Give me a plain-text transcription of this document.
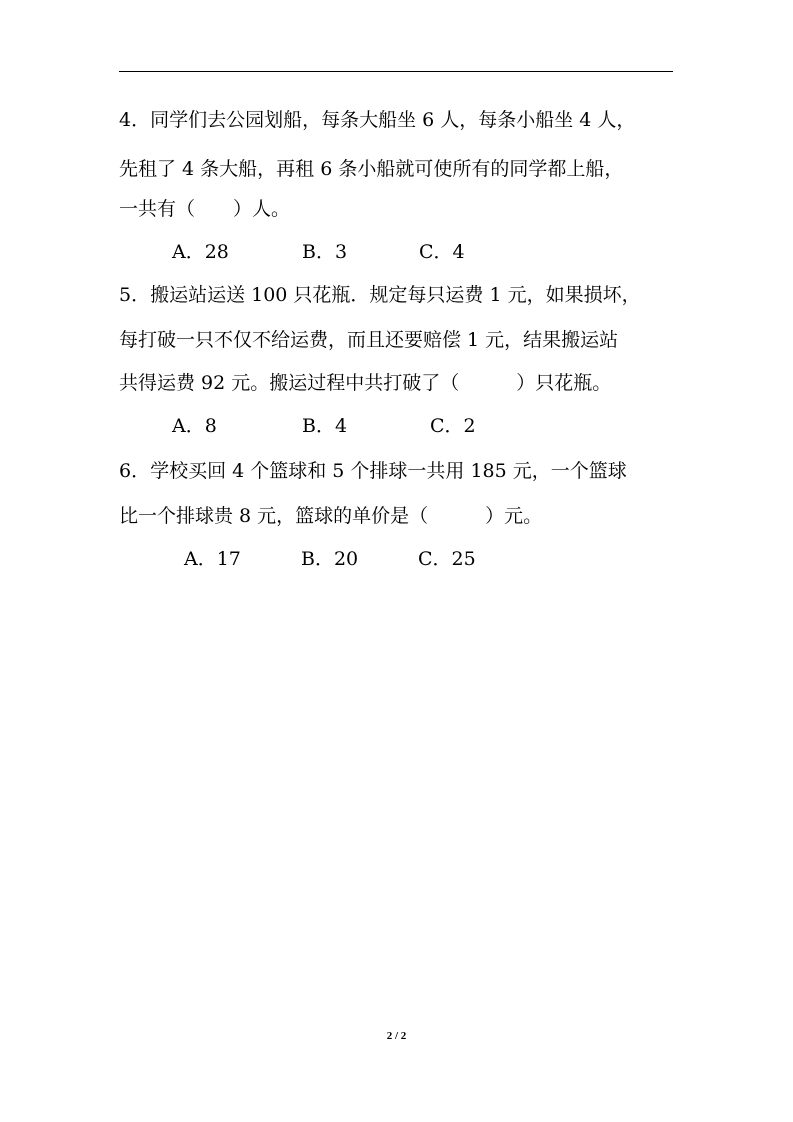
4．同学们去公园划船，每条大船坐 6 人，每条小船坐 4 人，
先租了 4 条大船，再租 6 条小船就可使所有的同学都上船，
一共有（　　）人。
A．28	B．3	C．4
5．搬运站运送 100 只花瓶．规定每只运费 1 元，如果损坏，
每打破一只不仅不给运费，而且还要赔偿 1 元，结果搬运站
共得运费 92 元。搬运过程中共打破了（　　　）只花瓶。
A．8	B．4	C．2
6．学校买回 4 个篮球和 5 个排球一共用 185 元，一个篮球
比一个排球贵 8 元，篮球的单价是（　　　）元。
A．17	B．20	C．25
2 / 2
